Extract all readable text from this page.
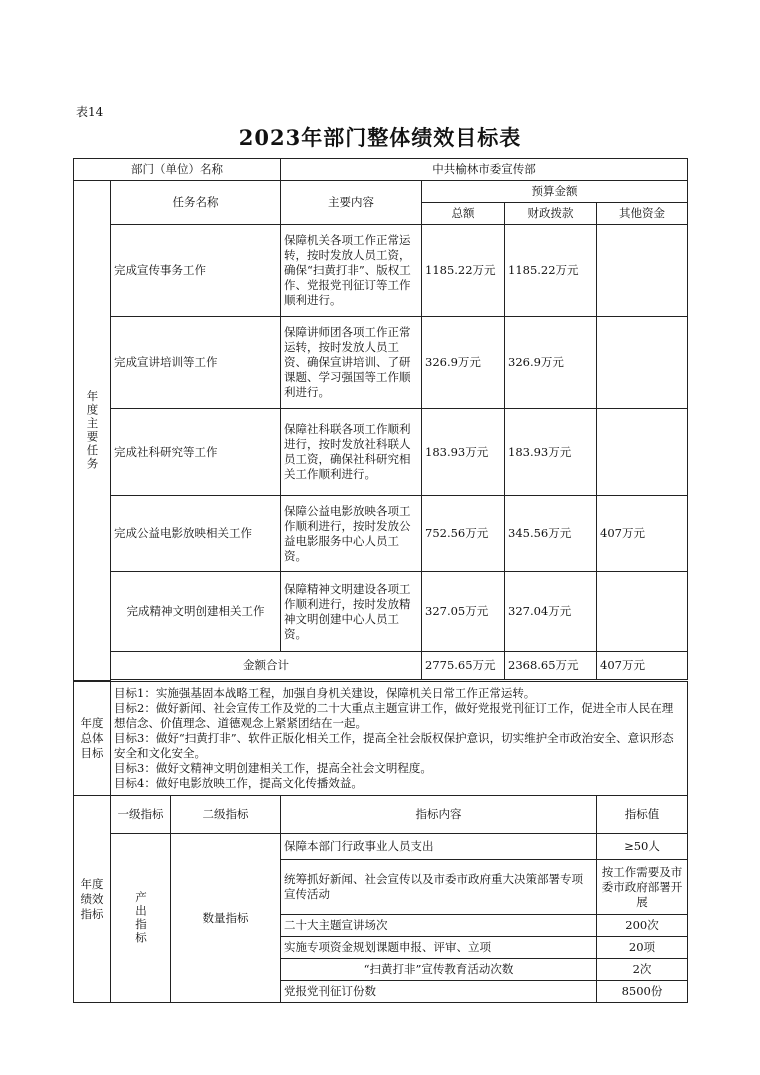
表14
2023年部门整体绩效目标表
部门（单位）名称			中共榆林市委宣传部			

年度主要任务	任务名称		主要内容	预算金额		
				总额	财政拨款	其他资金
	完成宣传事务工作		保障机关各项工作正常运转，按时发放人员工资，确保“扫黄打非”、版权工作、党报党刊征订等工作顺利进行。	1185.22万元	1185.22万元	
	完成宣讲培训等工作		保障讲师团各项工作正常运转，按时发放人员工资、确保宣讲培训、了研课题、学习强国等工作顺利进行。	326.9万元	326.9万元	
	完成社科研究等工作		保障社科联各项工作顺利进行，按时发放社科联人员工资，确保社科研究相关工作顺利进行。	183.93万元	183.93万元	
	完成公益电影放映相关工作		保障公益电影放映各项工作顺利进行，按时发放公益电影服务中心人员工资。	752.56万元	345.56万元	407万元
	完成精神文明创建相关工作		保障精神文明建设各项工作顺利进行，按时发放精神文明创建中心人员工资。	327.05万元	327.04万元	
	金额合计			2775.65万元	2368.65万元	407万元

年度总体目标	目标1：实施强基固本战略工程，加强自身机关建设，保障机关日常工作正常运转。
目标2：做好新闻、社会宣传工作及党的二十大重点主题宣讲工作，做好党报党刊征订工作，促进全市人民在理想信念、价值理念、道德观念上紧紧团结在一起。
目标3：做好“扫黄打非”、软件正版化相关工作，提高全社会版权保护意识，切实维护全市政治安全、意识形态安全和文化安全。
目标3：做好文精神文明创建相关工作，提高全社会文明程度。
目标4：做好电影放映工作，提高文化传播效益。					

年度绩效指标	一级指标	二级指标	指标内容			指标值

	产出指标	数量指标	保障本部门行政事业人员支出			≥50人
			统筹抓好新闻、社会宣传以及市委市政府重大决策部署专项宣传活动			按工作需要及市委市政府部署开展
			二十大主题宣讲场次			200次
			实施专项资金规划课题申报、评审、立项			20项
			“扫黄打非”宣传教育活动次数			2次
			党报党刊征订份数			8500份
